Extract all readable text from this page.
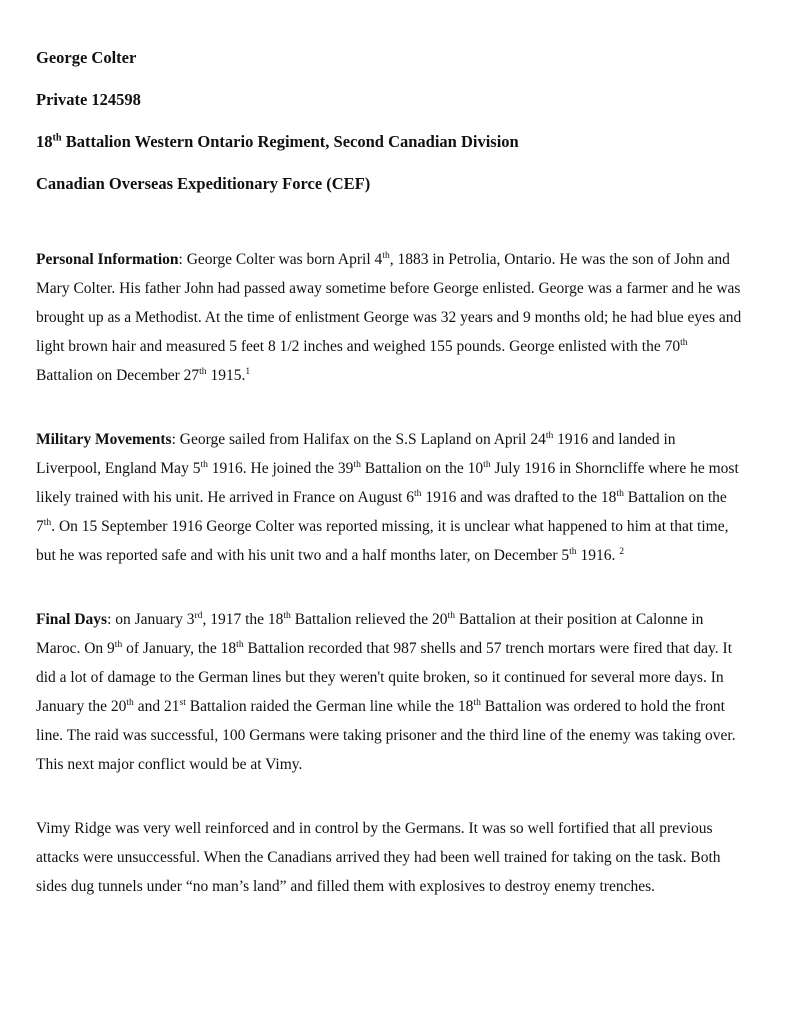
George Colter

Private 124598

18th Battalion Western Ontario Regiment, Second Canadian Division

Canadian Overseas Expeditionary Force (CEF)

Personal Information: George Colter was born April 4th, 1883 in Petrolia, Ontario. He was the son of John and Mary Colter. His father John had passed away sometime before George enlisted. George was a farmer and he was brought up as a Methodist. At the time of enlistment George was 32 years and 9 months old; he had blue eyes and light brown hair and measured 5 feet 8 1/2 inches and weighed 155 pounds. George enlisted with the 70th Battalion on December 27th 1915.$^1$

Military Movements: George sailed from Halifax on the S.S Lapland on April 24th 1916 and landed in Liverpool, England May 5th 1916. He joined the 39th Battalion on the 10th July 1916 in Shorncliffe where he most likely trained with his unit. He arrived in France on August 6th 1916 and was drafted to the 18th Battalion on the 7th. On 15 September 1916 George Colter was reported missing, it is unclear what happened to him at that time, but he was reported safe and with his unit two and a half months later, on December 5th 1916. $^2$

Final Days: on January 3rd, 1917 the 18th Battalion relieved the 20th Battalion at their position at Calonne in Maroc. On 9th of January, the 18th Battalion recorded that 987 shells and 57 trench mortars were fired that day. It did a lot of damage to the German lines but they weren't quite broken, so it continued for several more days. In January the 20th and 21st Battalion raided the German line while the 18th Battalion was ordered to hold the front line. The raid was successful, 100 Germans were taking prisoner and the third line of the enemy was taking over. This next major conflict would be at Vimy.

Vimy Ridge was very well reinforced and in control by the Germans. It was so well fortified that all previous attacks were unsuccessful. When the Canadians arrived they had been well trained for taking on the task. Both sides dug tunnels under “no man’s land” and filled them with explosives to destroy enemy trenches.
